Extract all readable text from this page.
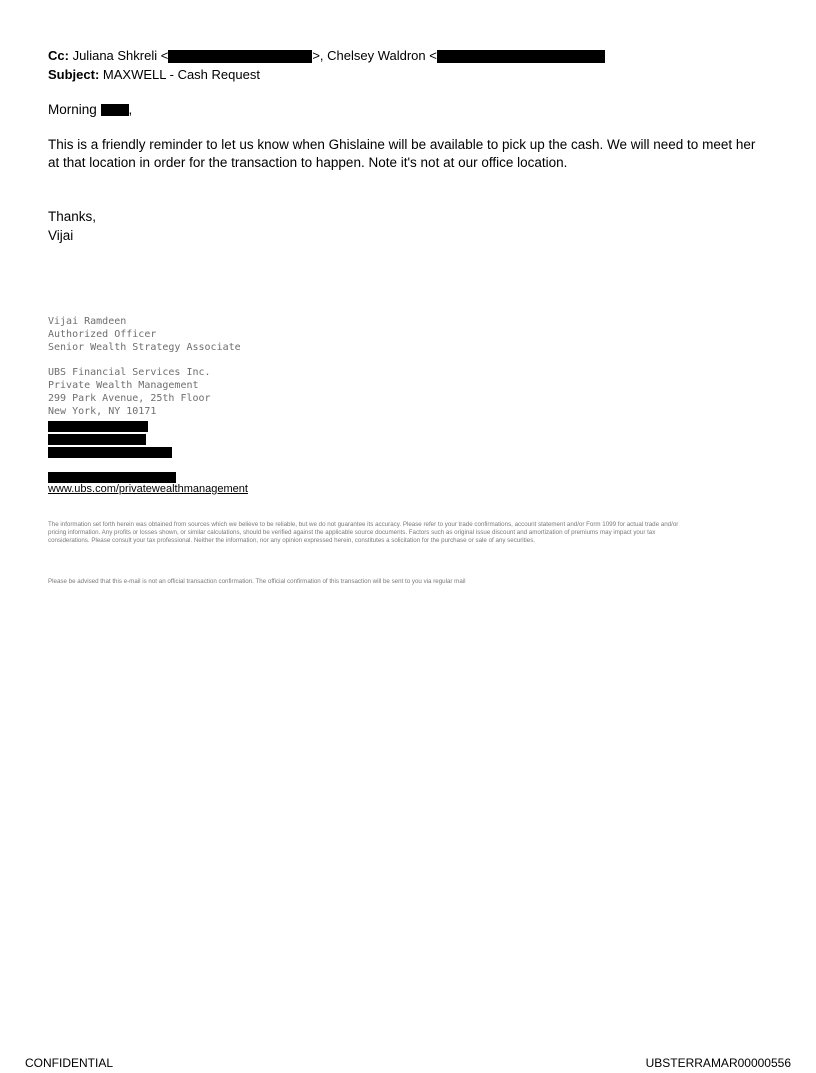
Cc: Juliana Shkreli <	>, Chelsey Waldron <
Subject: MAXWELL - Cash Request
Morning ,
This is a friendly reminder to let us know when Ghislaine will be available to pick up the cash. We will need to meet her at that location in order for the transaction to happen. Note it's not at our office location.
Thanks,
Vijai
Vijai Ramdeen
Authorized Officer
Senior Wealth Strategy Associate
UBS Financial Services Inc.
Private Wealth Management
299 Park Avenue, 25th Floor
New York, NY 10171
www.ubs.com/privatewealthmanagement
The information set forth herein was obtained from sources which we believe to be reliable, but we do not guarantee its accuracy. Please refer to your trade confirmations, account statement and/or Form 1099 for actual trade and/or pricing information. Any profits or losses shown, or similar calculations, should be verified against the applicable source documents. Factors such as original issue discount and amortization of premiums may impact your tax considerations. Please consult your tax professional. Neither the information, nor any opinion expressed herein, constitutes a solicitation for the purchase or sale of any securities.
Please be advised that this e-mail is not an official transaction confirmation. The official confirmation of this transaction will be sent to you via regular mail
CONFIDENTIAL	UBSTERRAMAR00000556
